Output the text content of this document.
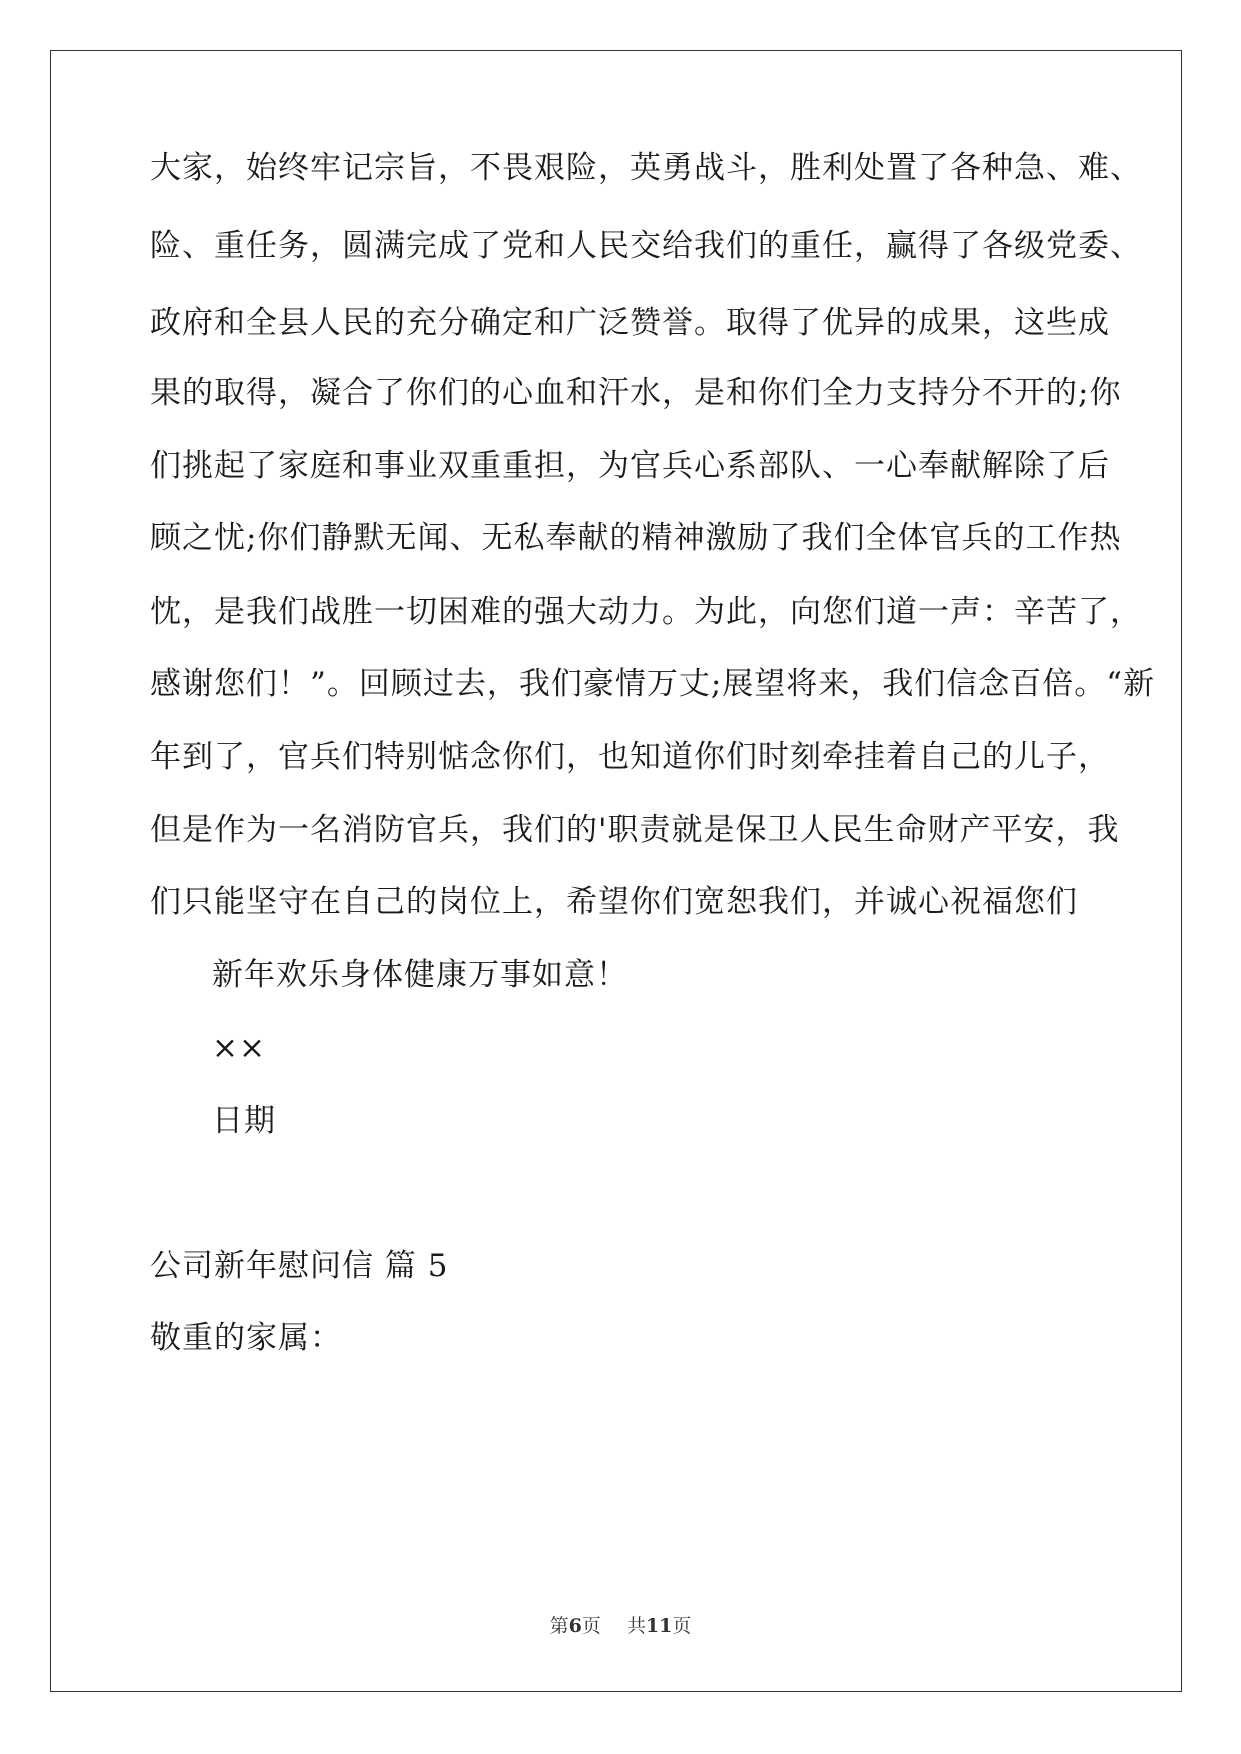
大家，始终牢记宗旨，不畏艰险，英勇战斗，胜利处置了各种急、难、
险、重任务，圆满完成了党和人民交给我们的重任，赢得了各级党委、
政府和全县人民的充分确定和广泛赞誉。取得了优异的成果，这些成
果的取得，凝合了你们的心血和汗水，是和你们全力支持分不开的;你
们挑起了家庭和事业双重重担，为官兵心系部队、一心奉献解除了后
顾之忧;你们静默无闻、无私奉献的精神激励了我们全体官兵的工作热
忱，是我们战胜一切困难的强大动力。为此，向您们道一声：辛苦了，
感谢您们！”。回顾过去，我们豪情万丈;展望将来，我们信念百倍。“新
年到了，官兵们特别惦念你们，也知道你们时刻牵挂着自己的儿子，
但是作为一名消防官兵，我们的'职责就是保卫人民生命财产平安，我
们只能坚守在自己的岗位上，希望你们宽恕我们，并诚心祝福您们
新年欢乐身体健康万事如意！
××
日期
公司新年慰问信 篇 5
敬重的家属：
第6页 共11页
